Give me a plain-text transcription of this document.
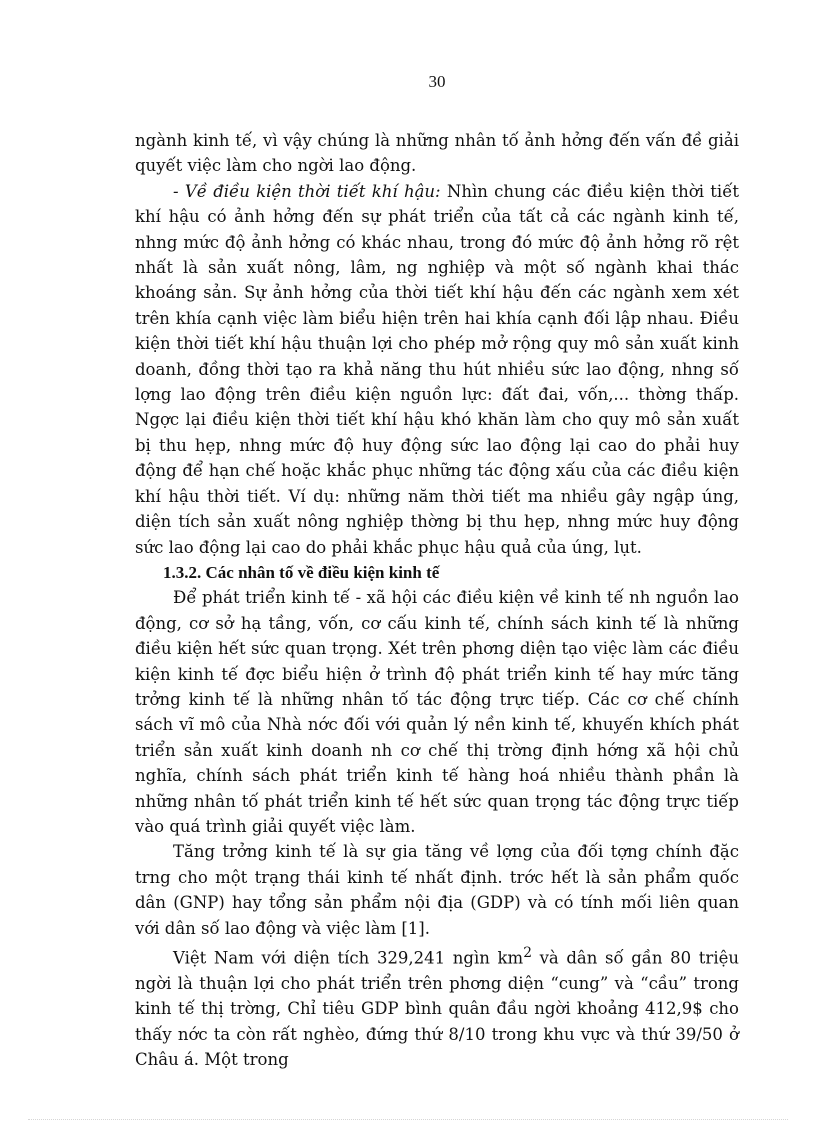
30

ngành kinh tế, vì vậy chúng là những nhân tố ảnh hởng đến vấn đề giải quyết việc làm cho ngời lao động.

- Về điều kiện thời tiết khí hậu: Nhìn chung các điều kiện thời tiết khí hậu có ảnh hởng đến sự phát triển của tất cả các ngành kinh tế, nhng mức độ ảnh hởng có khác nhau, trong đó mức độ ảnh hởng rõ rệt nhất là sản xuất nông, lâm, ng nghiệp và một số ngành khai thác khoáng sản. Sự ảnh hởng của thời tiết khí hậu đến các ngành xem xét trên khía cạnh việc làm biểu hiện trên hai khía cạnh đối lập nhau. Điều kiện thời tiết khí hậu thuận lợi cho phép mở rộng quy mô sản xuất kinh doanh, đồng thời tạo ra khả năng thu hút nhiều sức lao động, nhng số lợng lao động trên điều kiện nguồn lực: đất đai, vốn,... thờng thấp. Ngợc lại điều kiện thời tiết khí hậu khó khăn làm cho quy mô sản xuất bị thu hẹp, nhng mức độ huy động sức lao động lại cao do phải huy động để hạn chế hoặc khắc phục những tác động xấu của các điều kiện khí hậu thời tiết. Ví dụ: những năm thời tiết ma nhiều gây ngập úng, diện tích sản xuất nông nghiệp thờng bị thu hẹp, nhng mức huy động sức lao động lại cao do phải khắc phục hậu quả của úng, lụt.

1.3.2. Các nhân tố về điều kiện kinh tế

Để phát triển kinh tế - xã hội các điều kiện về kinh tế nh nguồn lao động, cơ sở hạ tầng, vốn, cơ cấu kinh tế, chính sách kinh tế là những điều kiện hết sức quan trọng. Xét trên phơng diện tạo việc làm các điều kiện kinh tế đợc biểu hiện ở trình độ phát triển kinh tế hay mức tăng trởng kinh tế là những nhân tố tác động trực tiếp. Các cơ chế chính sách vĩ mô của Nhà nớc đối với quản lý nền kinh tế, khuyến khích phát triển sản xuất kinh doanh nh cơ chế thị trờng định hớng xã hội chủ nghĩa, chính sách phát triển kinh tế hàng hoá nhiều thành phần là những nhân tố phát triển kinh tế hết sức quan trọng tác động trực tiếp vào quá trình giải quyết việc làm.

Tăng trởng kinh tế là sự gia tăng về lợng của đối tợng chính đặc trng cho một trạng thái kinh tế nhất định. trớc hết là sản phẩm quốc dân (GNP) hay tổng sản phẩm nội địa (GDP) và có tính mối liên quan với dân số lao động và việc làm [1].

Việt Nam với diện tích 329,241 ngìn $km^2$ và dân số gần 80 triệu ngời là thuận lợi cho phát triển trên phơng diện “cung” và “cầu” trong kinh tế thị trờng, Chỉ tiêu GDP bình quân đầu ngời khoảng 412,9$ cho thấy nớc ta còn rất nghèo, đứng thứ 8/10 trong khu vực và thứ 39/50 ở Châu á. Một trong
